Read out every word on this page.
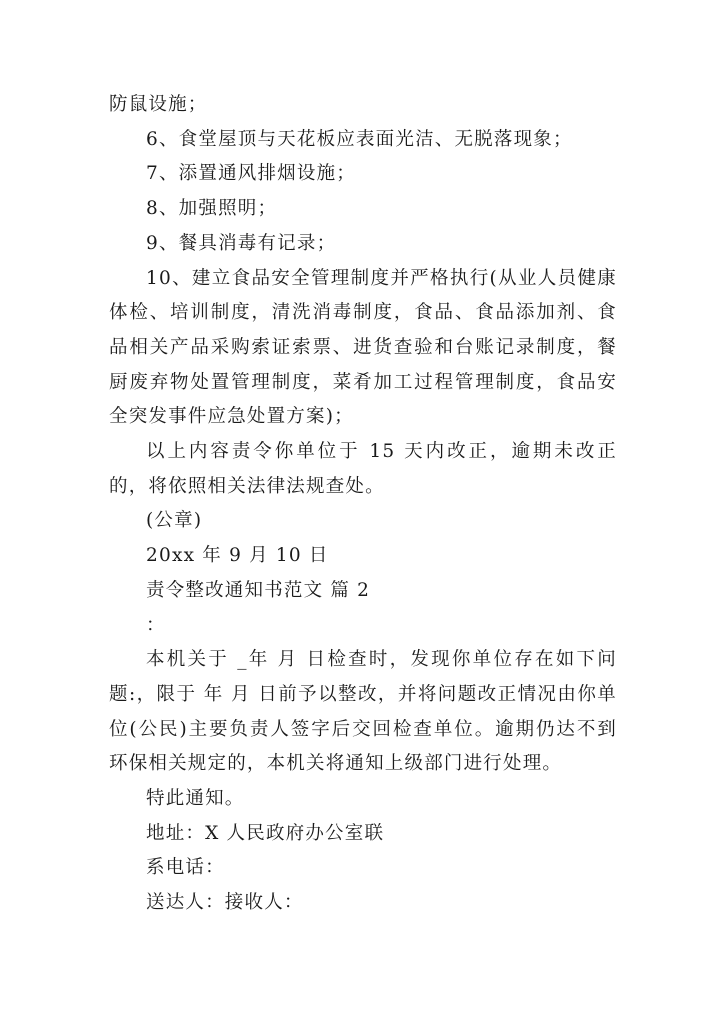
防鼠设施；

6、食堂屋顶与天花板应表面光洁、无脱落现象；

7、添置通风排烟设施；

8、加强照明；

9、餐具消毒有记录；

10、建立食品安全管理制度并严格执行(从业人员健康体检、培训制度，清洗消毒制度，食品、食品添加剂、食品相关产品采购索证索票、进货查验和台账记录制度，餐厨废弃物处置管理制度，菜肴加工过程管理制度，食品安全突发事件应急处置方案)；

以上内容责令你单位于 15 天内改正，逾期未改正的，将依照相关法律法规查处。

(公章)

20xx 年 9 月 10 日

责令整改通知书范文 篇 2

：

本机关于 _年 月 日检查时，发现你单位存在如下问题:，限于 年 月 日前予以整改，并将问题改正情况由你单位(公民)主要负责人签字后交回检查单位。逾期仍达不到环保相关规定的，本机关将通知上级部门进行处理。

特此通知。

地址：X 人民政府办公室联

系电话：

送达人：接收人：
